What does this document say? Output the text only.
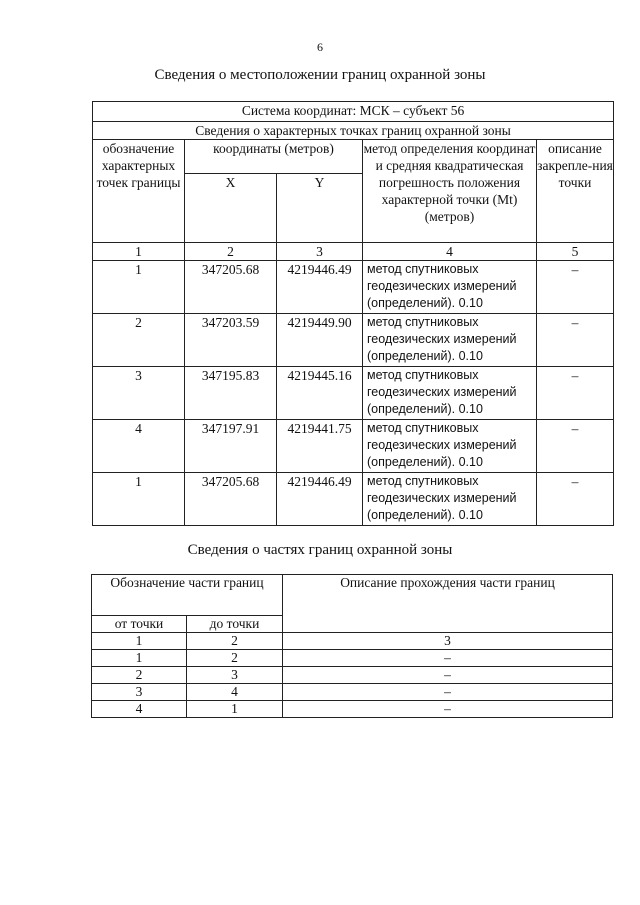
6
Сведения о местоположении границ охранной зоны
Система координат: МСК – субъект 56				
Сведения о характерных точках границ охранной зоны				
обозначение характерных точек границы	координаты (метров)		метод определения координат и средняя квадратическая погрешность положения характерной точки (Mt) (метров)	описание закрепле-ния точки
	X	Y		
1	2	3	4	5
1	347205.68	4219446.49	метод спутниковых геодезических измерений (определений). 0.10	–
2	347203.59	4219449.90	метод спутниковых геодезических измерений (определений). 0.10	–
3	347195.83	4219445.16	метод спутниковых геодезических измерений (определений). 0.10	–
4	347197.91	4219441.75	метод спутниковых геодезических измерений (определений). 0.10	–
1	347205.68	4219446.49	метод спутниковых геодезических измерений (определений). 0.10	–
Сведения о частях границ охранной зоны
Обозначение части границ		Описание прохождения части границ
от точки	до точки	
1	2	3
1	2	–
2	3	–
3	4	–
4	1	–
